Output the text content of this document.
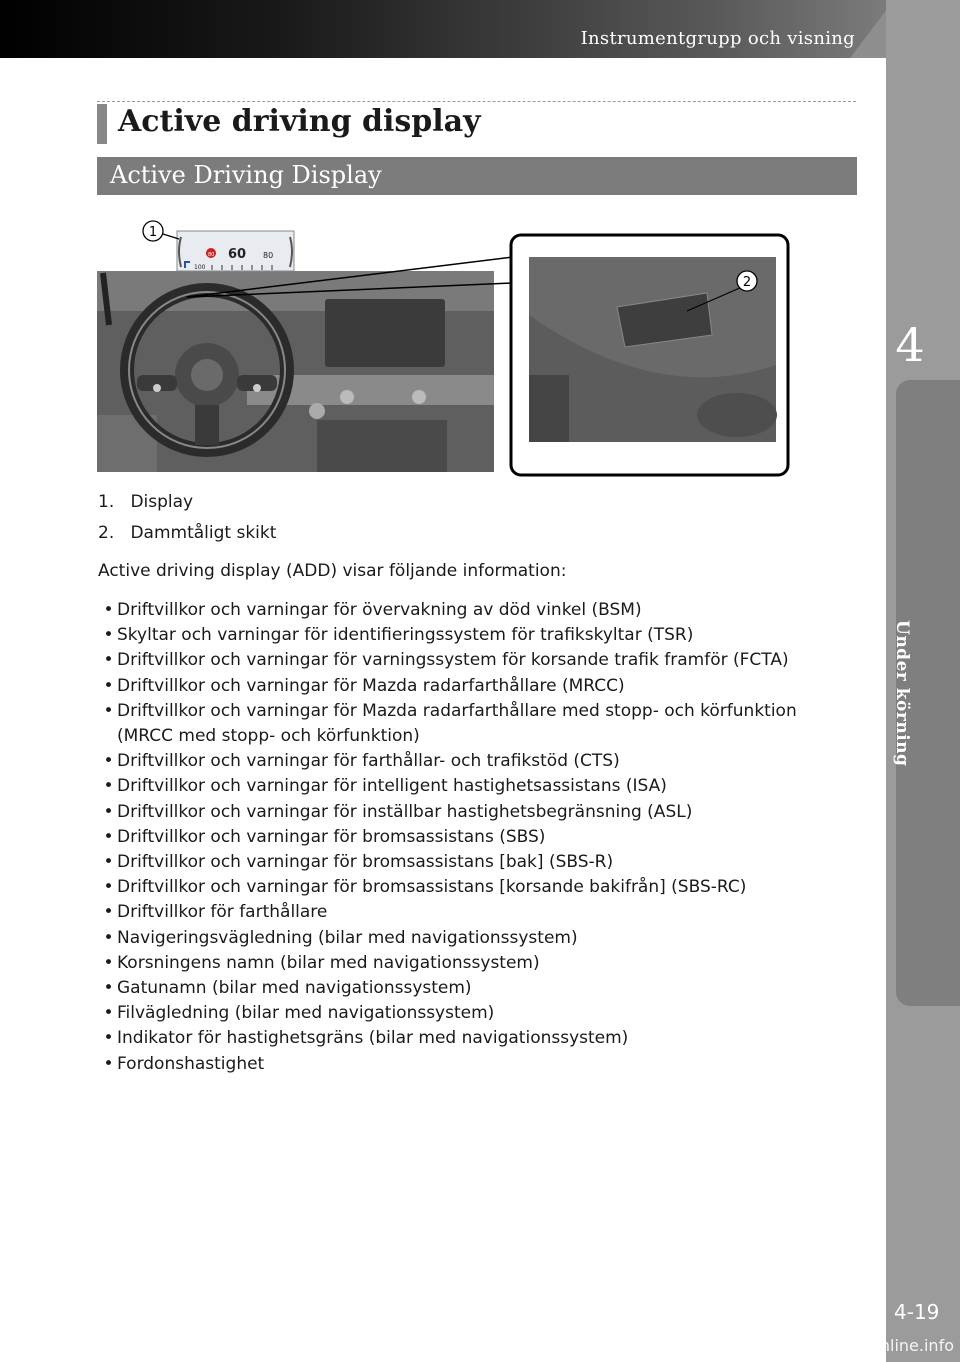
Instrumentgrupp och visning
4
Under körning
4-19
carmanualsonline.info
Active driving display
Active Driving Display
60 80
80
100
1
2
1. Display
2. Dammtåligt skikt
Active driving display (ADD) visar följande information:
• Driftvillkor och varningar för övervakning av död vinkel (BSM)
• Skyltar och varningar för identifieringssystem för trafikskyltar (TSR)
• Driftvillkor och varningar för varningssystem för korsande trafik framför (FCTA)
• Driftvillkor och varningar för Mazda radarfarthållare (MRCC)
• Driftvillkor och varningar för Mazda radarfarthållare med stopp- och körfunktion
(MRCC med stopp- och körfunktion)
• Driftvillkor och varningar för farthållar- och trafikstöd (CTS)
• Driftvillkor och varningar för intelligent hastighetsassistans (ISA)
• Driftvillkor och varningar för inställbar hastighetsbegränsning (ASL)
• Driftvillkor och varningar för bromsassistans (SBS)
• Driftvillkor och varningar för bromsassistans [bak] (SBS-R)
• Driftvillkor och varningar för bromsassistans [korsande bakifrån] (SBS-RC)
• Driftvillkor för farthållare
• Navigeringsvägledning (bilar med navigationssystem)
• Korsningens namn (bilar med navigationssystem)
• Gatunamn (bilar med navigationssystem)
• Filvägledning (bilar med navigationssystem)
• Indikator för hastighetsgräns (bilar med navigationssystem)
• Fordonshastighet
